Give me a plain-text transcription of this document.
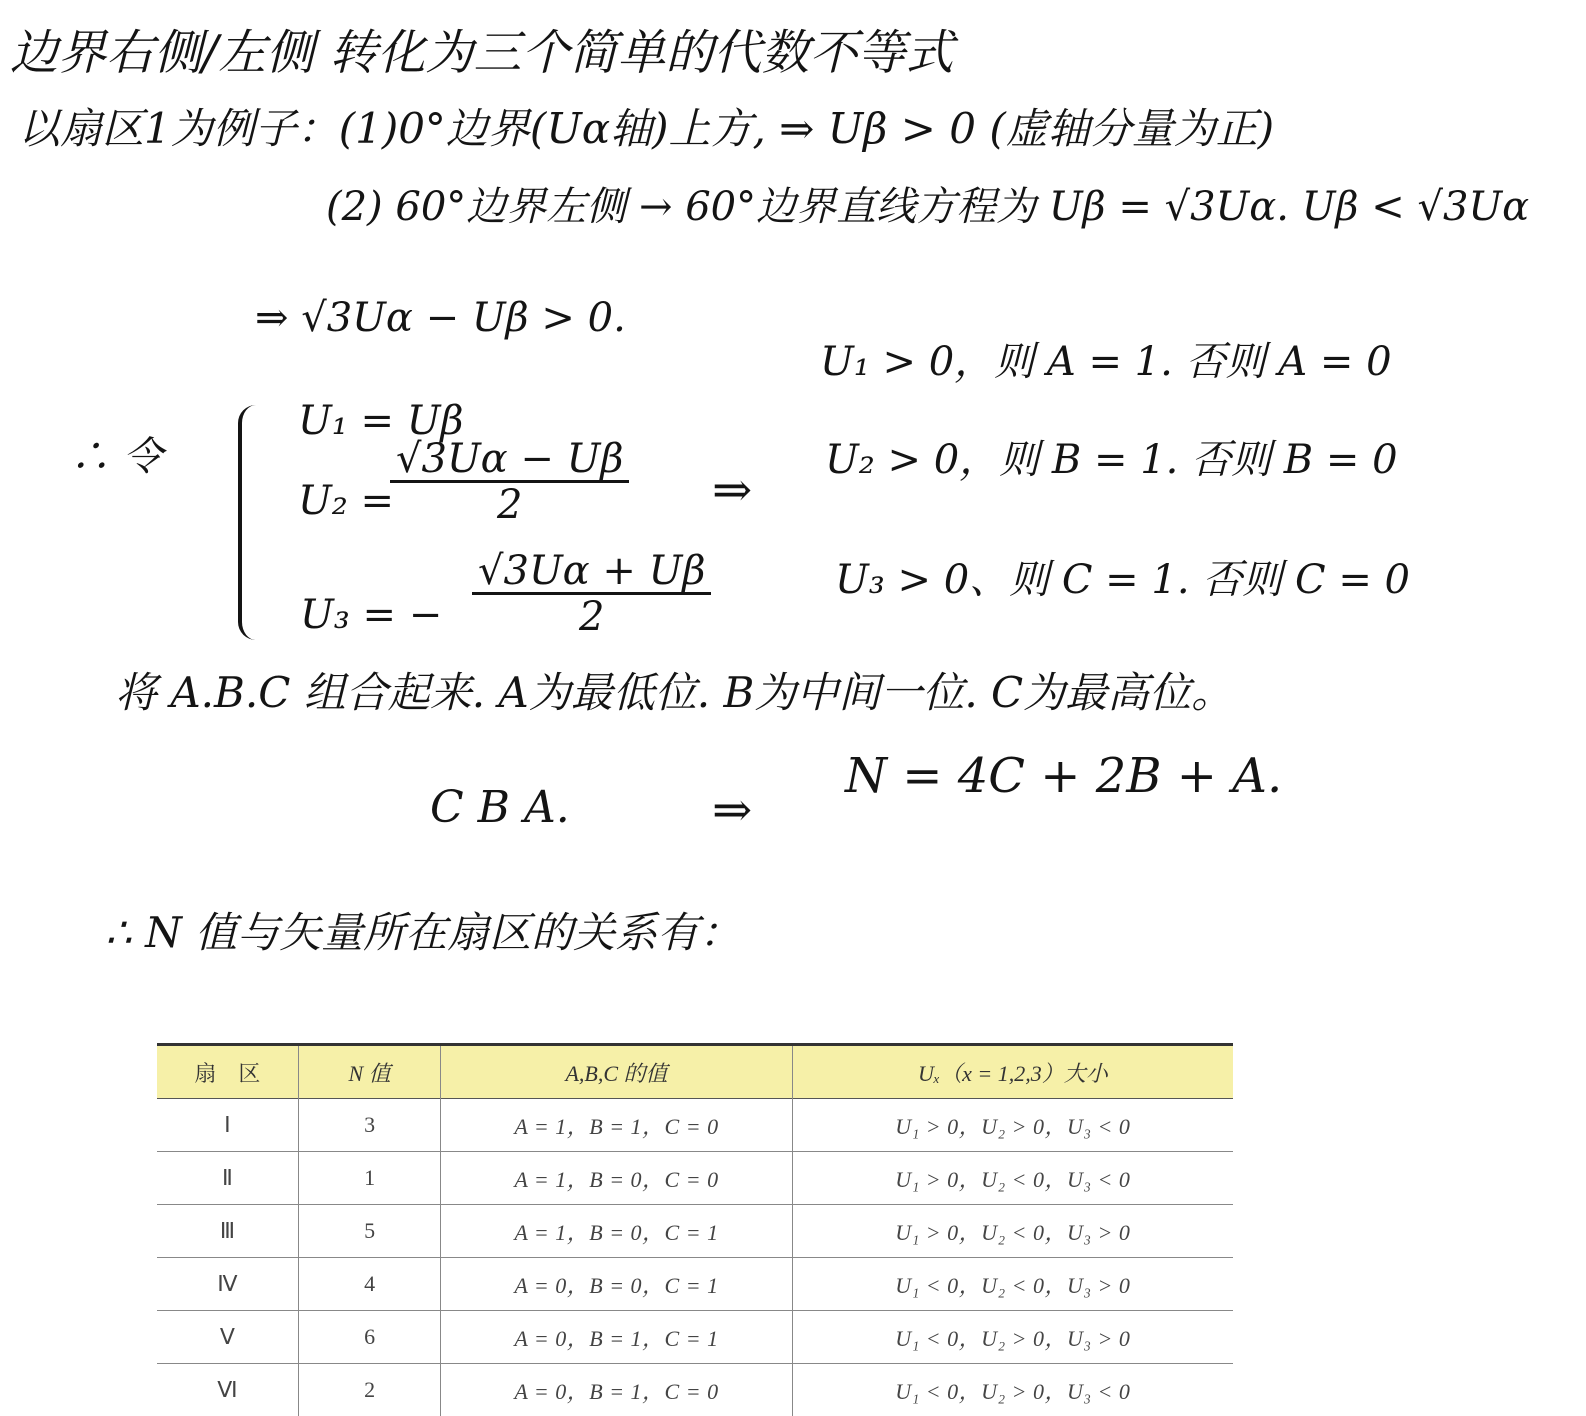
边界右侧/左侧 转化为三个简单的代数不等式
以扇区1为例子：(1)0°边界(Uα轴)上方, ⇒ Uβ > 0 (虚轴分量为正)
(2) 60°边界左侧 → 60°边界直线方程为 Uβ = √3Uα. Uβ < √3Uα
⇒ √3Uα − Uβ > 0.
∴ 令
U₁ = Uβ
U₂ =
$\frac{√3U\alpha - U\beta}{2}$
U₃ = − $\frac{√3U\alpha + U\beta}{2}$
⇒
U₁ > 0，则 A = 1. 否则 A = 0
U₂ > 0，则 B = 1. 否则 B = 0
U₃ > 0、则 C = 1. 否则 C = 0
将 A.B.C 组合起来. A为最低位. B为中间一位. C为最高位。
C B A.	⇒
N = 4C + 2B + A.
∴ N 值与矢量所在扇区的关系有：
扇　区	N 值	A,B,C 的值	Uₓ（x = 1,2,3）大小
Ⅰ	3	A = 1，B = 1，C = 0	U₁ > 0，U₂ > 0，U₃ < 0
Ⅱ	1	A = 1，B = 0，C = 0	U₁ > 0，U₂ < 0，U₃ < 0
Ⅲ	5	A = 1，B = 0，C = 1	U₁ > 0，U₂ < 0，U₃ > 0
Ⅳ	4	A = 0，B = 0，C = 1	U₁ < 0，U₂ < 0，U₃ > 0
Ⅴ	6	A = 0，B = 1，C = 1	U₁ < 0，U₂ > 0，U₃ > 0
Ⅵ	2	A = 0，B = 1，C = 0	U₁ < 0，U₂ > 0，U₃ < 0
